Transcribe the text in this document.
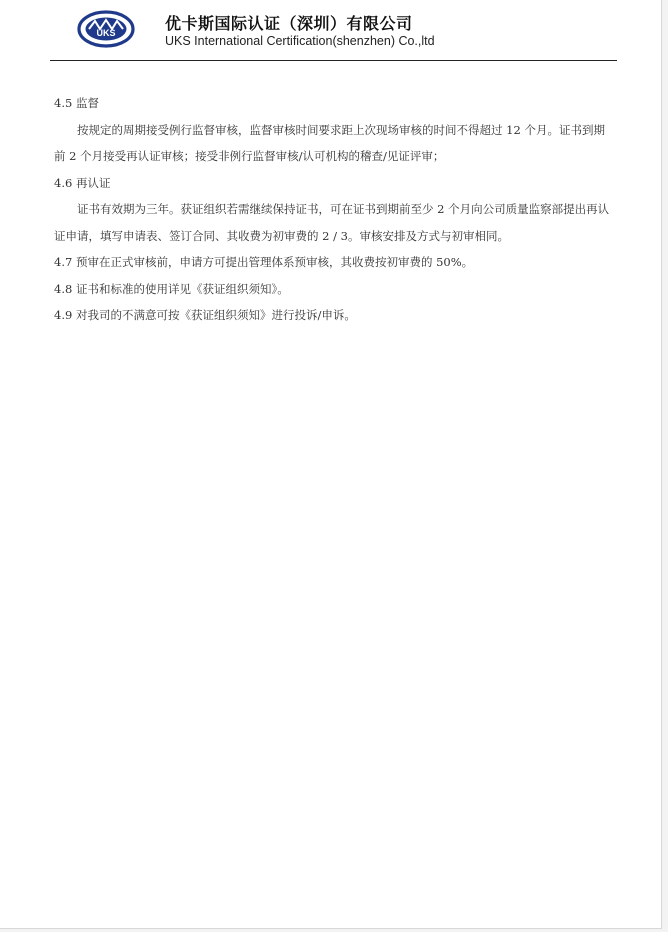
UKS	优卡斯国际认证（深圳）有限公司
UKS International Certification(shenzhen) Co.,ltd

4.5 监督

按规定的周期接受例行监督审核，监督审核时间要求距上次现场审核的时间不得超过 12 个月。证书到期前 2 个月接受再认证审核；接受非例行监督审核/认可机构的稽查/见证评审；

4.6 再认证

证书有效期为三年。获证组织若需继续保持证书，可在证书到期前至少 2 个月向公司质量监察部提出再认证申请，填写申请表、签订合同、其收费为初审费的 2 / 3。审核安排及方式与初审相同。

4.7 预审在正式审核前，申请方可提出管理体系预审核，其收费按初审费的 50%。

4.8 证书和标准的使用详见《获证组织须知》。

4.9 对我司的不满意可按《获证组织须知》进行投诉/申诉。
